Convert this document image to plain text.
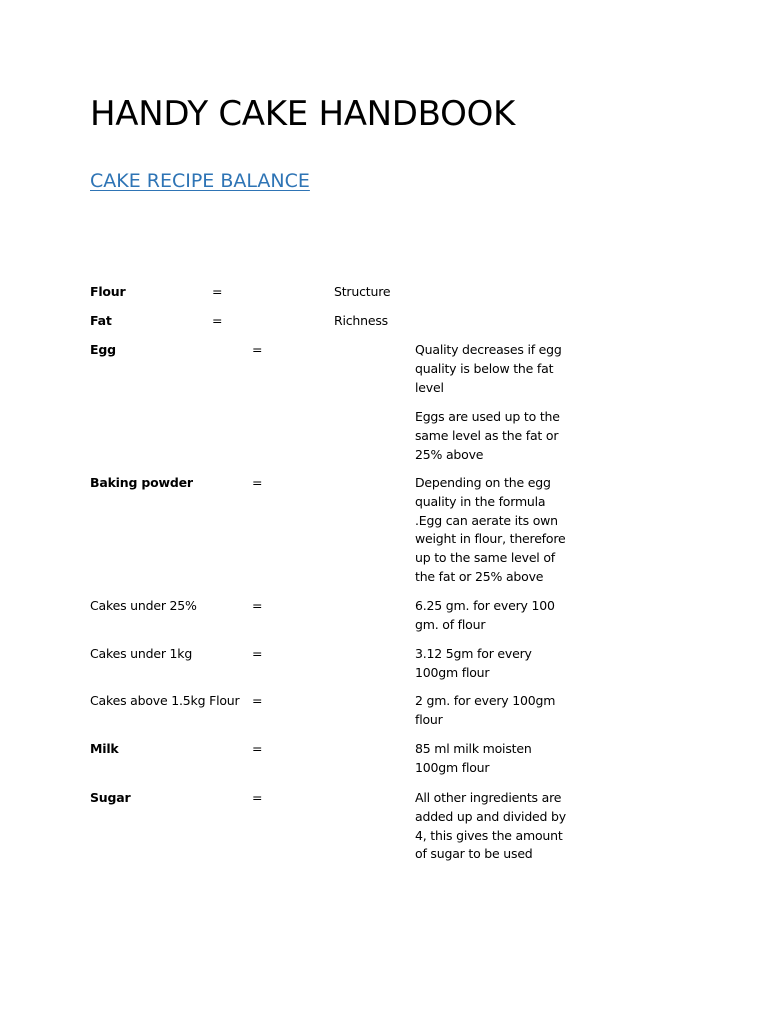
HANDY CAKE HANDBOOK
CAKE RECIPE BALANCE
Flour	=	Structure
Fat	=	Richness
Egg	=	Quality decreases if egg quality is below the fat level
Eggs are used up to the same level as the fat or 25% above
Baking powder	=	Depending on the egg quality in the formula .Egg can aerate its own weight in flour, therefore up to the same level of the fat or 25% above
Cakes under 25%	=	6.25 gm. for every 100 gm. of flour
Cakes under 1kg	=	3.12 5gm for every 100gm flour
Cakes above 1.5kg Flour =	2 gm. for every 100gm flour
Milk	=	85 ml milk moisten 100gm flour
Sugar	=	All other ingredients are added up and divided by 4, this gives the amount of sugar to be used
